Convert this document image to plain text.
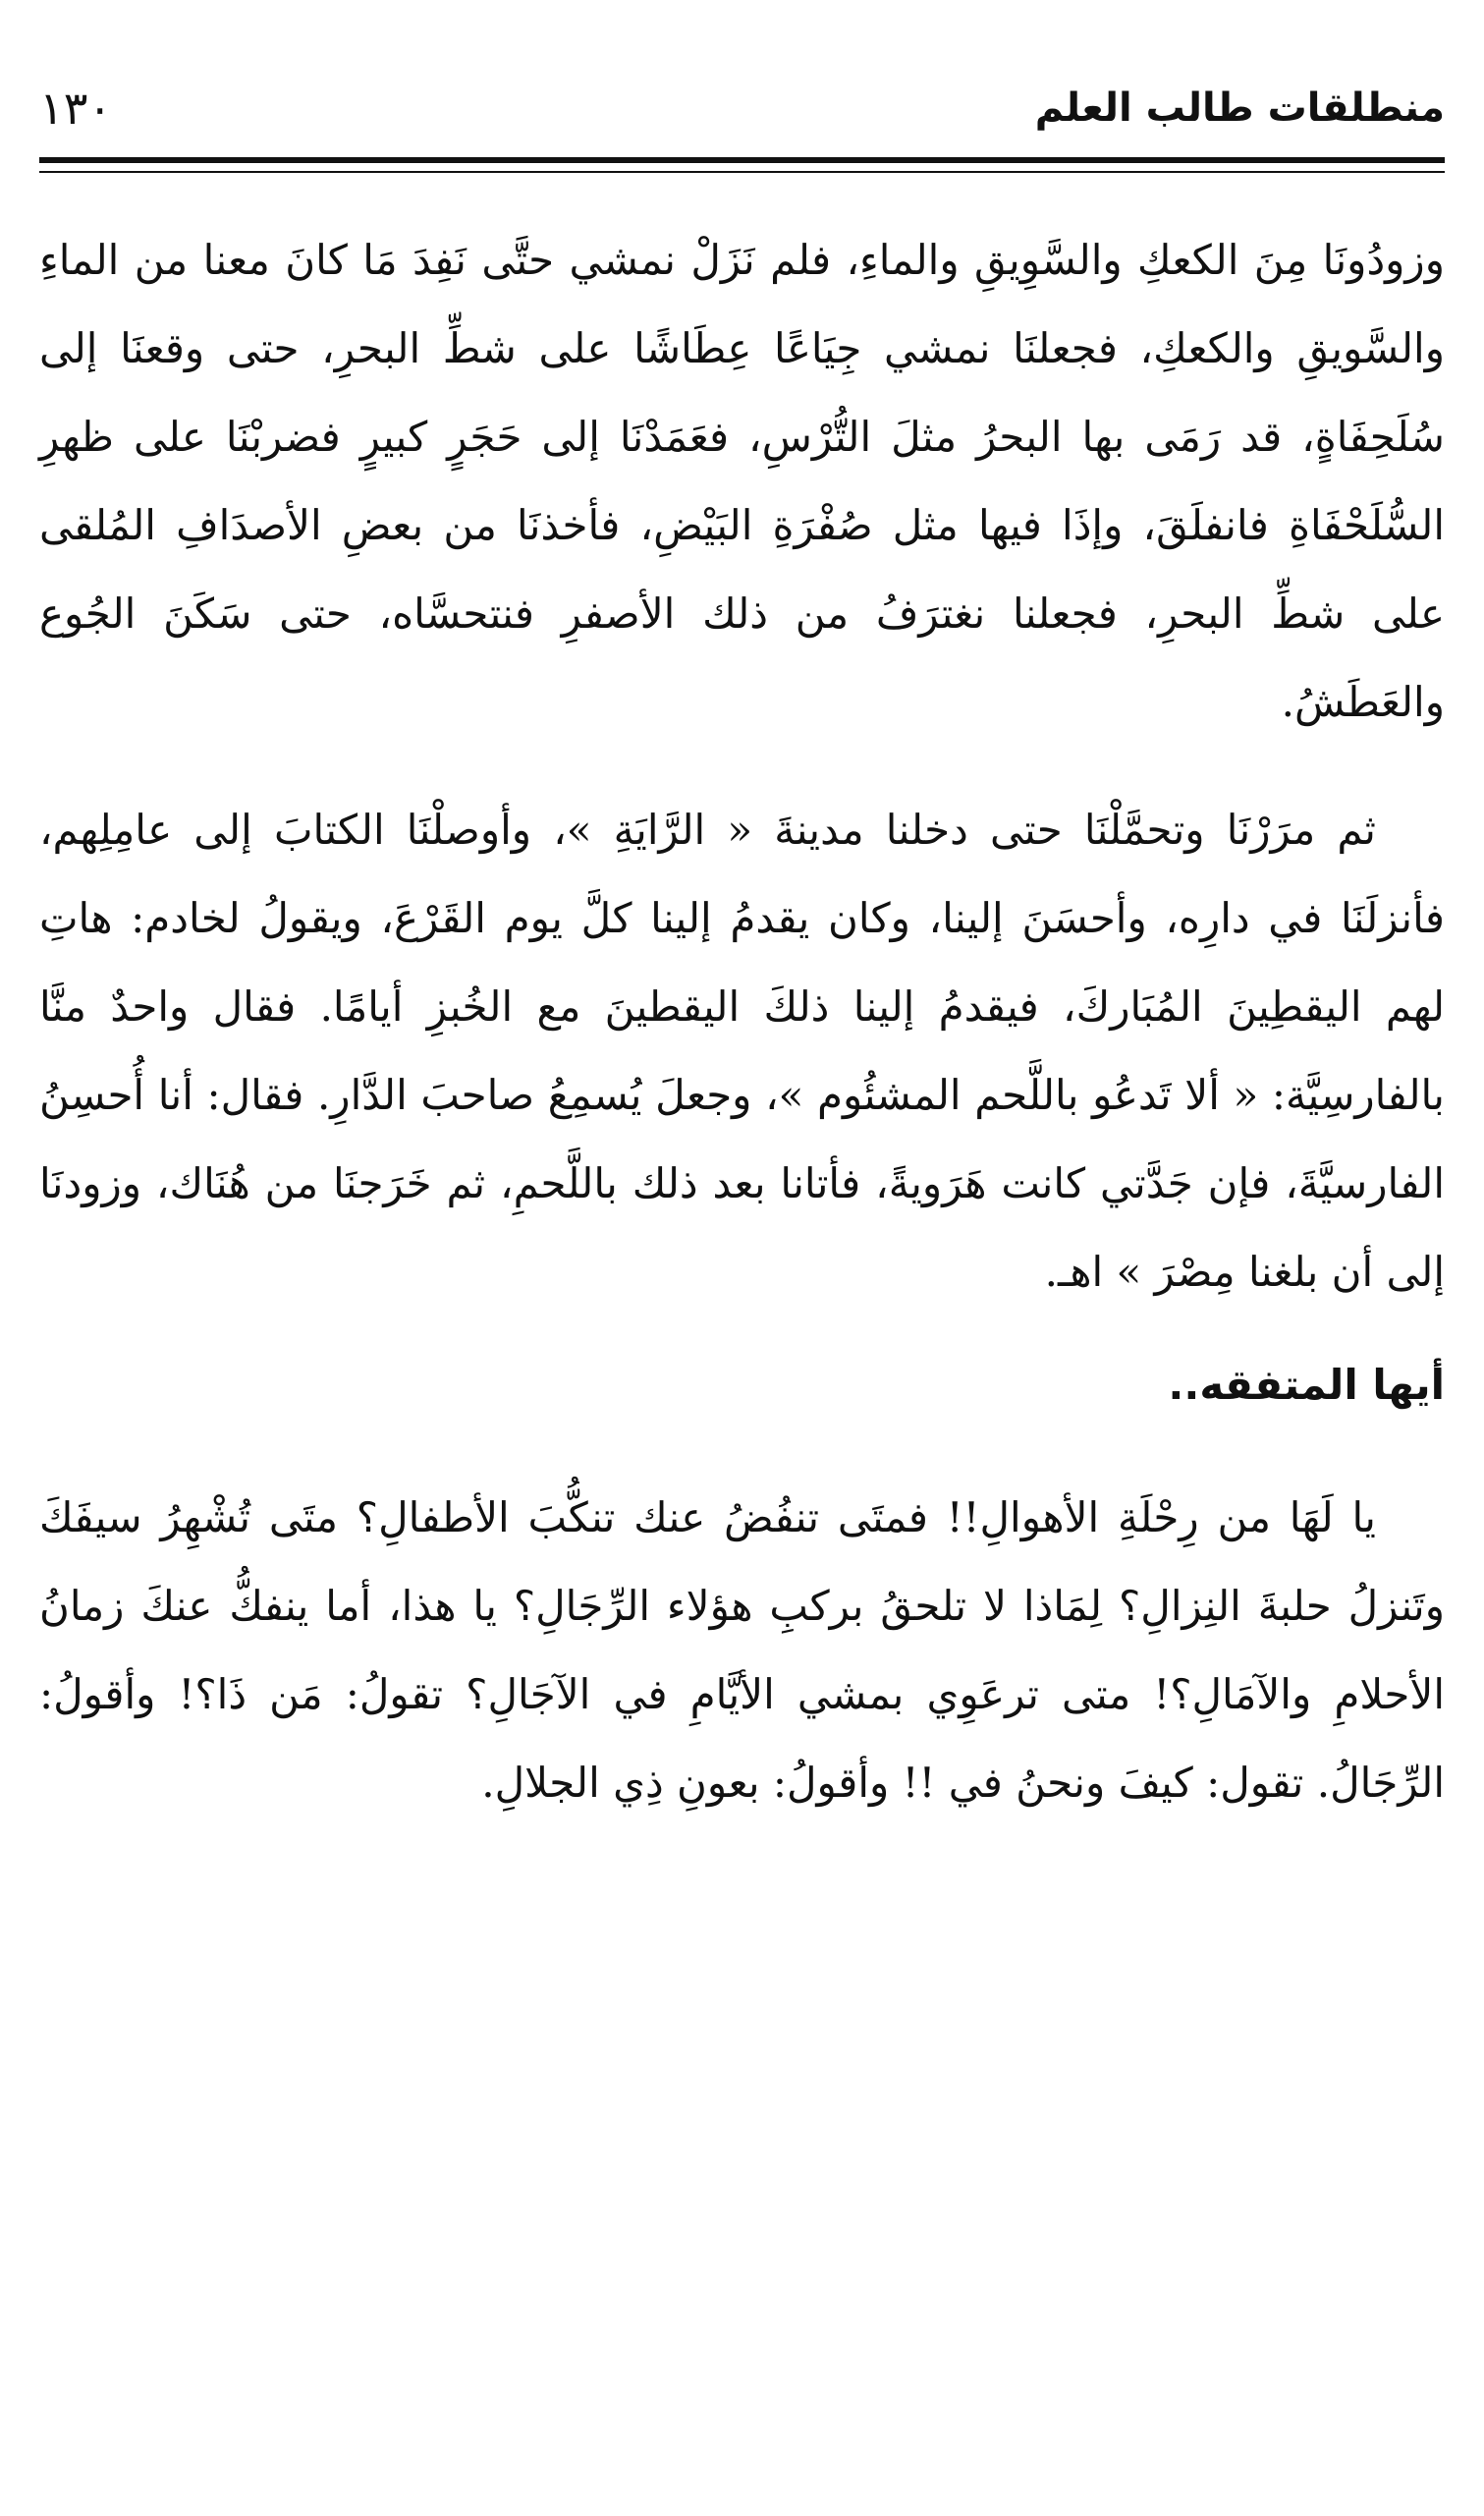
١٣٠	منطلقات طالب العلم

وزودُونَا مِنَ الكعكِ والسَّوِيقِ والماءِ، فلم نَزَلْ نمشي حتَّى نَفِدَ مَا كانَ معنا من الماءِ والسَّويقِ والكعكِ، فجعلنَا نمشي جِيَاعًا عِطَاشًا على شطِّ البحرِ، حتى وقعنَا إلى سُلَحِفَاةٍ، قد رَمَى بها البحرُ مثلَ التُّرْسِ، فعَمَدْنَا إلى حَجَرٍ كبيرٍ فضربْنَا على ظهرِ السُّلَحْفَاةِ فانفلَقَ، وإذَا فيها مثل صُفْرَةِ البَيْضِ، فأخذنَا من بعضِ الأصدَافِ المُلقى على شطِّ البحرِ، فجعلنا نغترَفُ من ذلك الأصفرِ فنتحسَّاه، حتى سَكَنَ الجُوع والعَطَشُ.

ثم مرَرْنَا وتحمَّلْنَا حتى دخلنا مدينةَ « الرَّايَةِ »، وأوصلْنَا الكتابَ إلى عامِلِهم، فأنزلَنَا في دارِه، وأحسَنَ إلينا، وكان يقدمُ إلينا كلَّ يوم القَرْعَ، ويقولُ لخادم: هاتِ لهم اليقطِينَ المُبَاركَ، فيقدمُ إلينا ذلكَ اليقطينَ مع الخُبزِ أيامًا. فقال واحدٌ منَّا بالفارسِيَّة: « ألا تَدعُو باللَّحم المشئُوم »، وجعلَ يُسمِعُ صاحبَ الدَّارِ. فقال: أنا أُحسِنُ الفارسيَّةَ، فإن جَدَّتي كانت هَرَويةً، فأتانا بعد ذلك باللَّحمِ، ثم خَرَجنَا من هُنَاك، وزودنَا إلى أن بلغنا مِصْرَ » اهـ.

أيها المتفقه..

يا لَهَا من رِحْلَةِ الأهوالِ!! فمتَى تنفُضُ عنك تنكُّبَ الأطفالِ؟ متَى تُشْهِرُ سيفَكَ وتَنزلُ حلبةَ النِزالِ؟ لِمَاذا لا تلحقُ بركبِ هؤلاء الرِّجَالِ؟ يا هذا، أما ينفكُّ عنكَ زمانُ الأحلامِ والآمَالِ؟! متى ترعَوِي بمشي الأيَّامِ في الآجَالِ؟ تقولُ: مَن ذَا؟! وأقولُ: الرِّجَالُ. تقول: كيفَ ونحنُ في !! وأقولُ: بعونِ ذِي الجلالِ.
